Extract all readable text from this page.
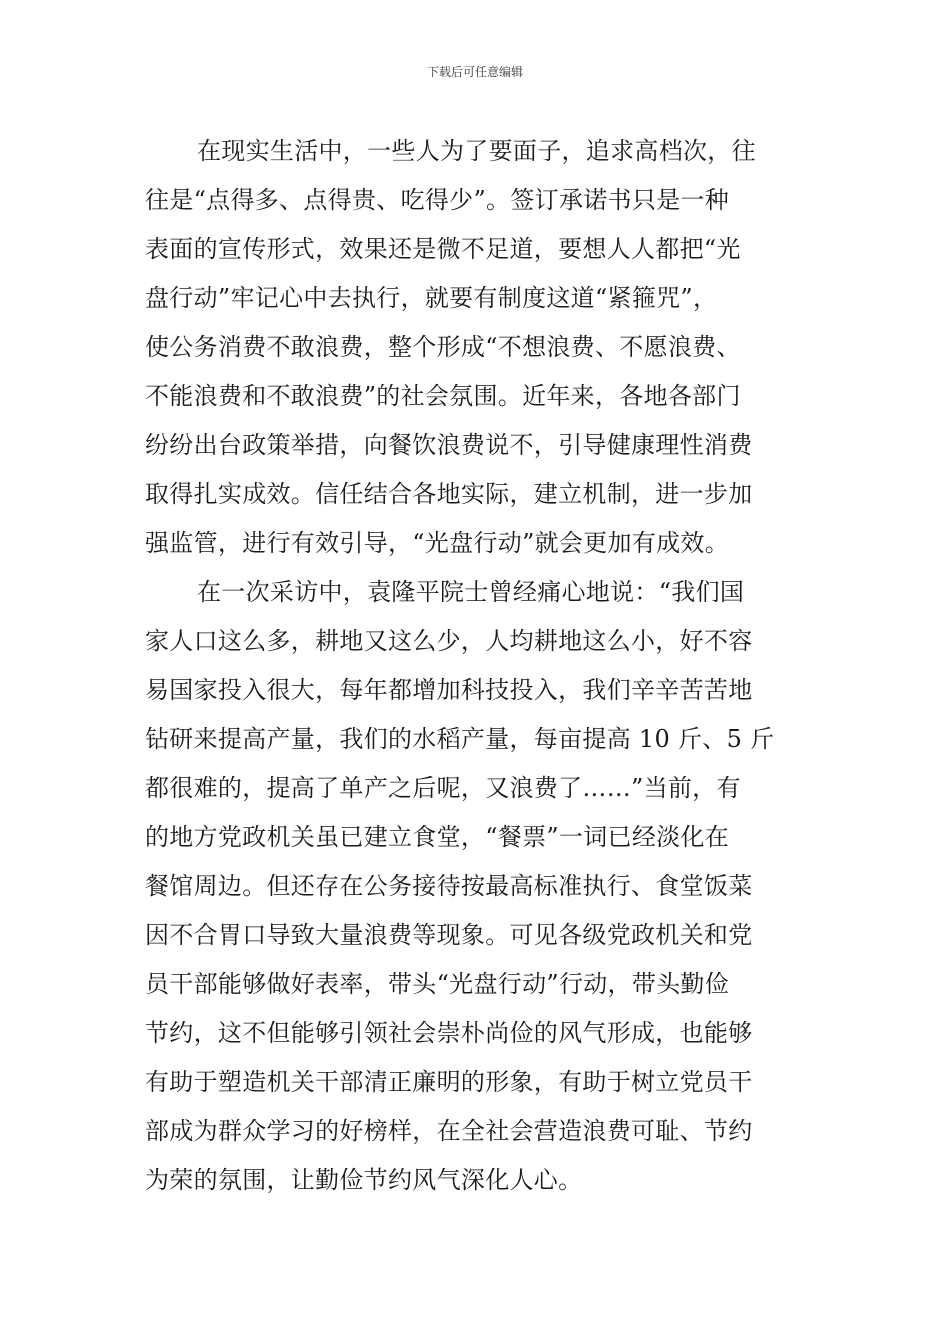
下载后可任意编辑
在现实生活中，一些人为了要面子，追求高档次，往
往是“点得多、点得贵、吃得少”。签订承诺书只是一种
表面的宣传形式，效果还是微不足道，要想人人都把“光
盘行动”牢记心中去执行，就要有制度这道“紧箍咒”，
使公务消费不敢浪费，整个形成“不想浪费、不愿浪费、
不能浪费和不敢浪费”的社会氛围。近年来，各地各部门
纷纷出台政策举措，向餐饮浪费说不，引导健康理性消费
取得扎实成效。信任结合各地实际，建立机制，进一步加
强监管，进行有效引导，“光盘行动”就会更加有成效。
在一次采访中，袁隆平院士曾经痛心地说：“我们国
家人口这么多，耕地又这么少，人均耕地这么小，好不容
易国家投入很大，每年都增加科技投入，我们辛辛苦苦地
钻研来提高产量，我们的水稻产量，每亩提高 10 斤、5 斤
都很难的，提高了单产之后呢，又浪费了……”当前，有
的地方党政机关虽已建立食堂，“餐票”一词已经淡化在
餐馆周边。但还存在公务接待按最高标准执行、食堂饭菜
因不合胃口导致大量浪费等现象。可见各级党政机关和党
员干部能够做好表率，带头“光盘行动”行动，带头勤俭
节约，这不但能够引领社会崇朴尚俭的风气形成，也能够
有助于塑造机关干部清正廉明的形象，有助于树立党员干
部成为群众学习的好榜样，在全社会营造浪费可耻、节约
为荣的氛围，让勤俭节约风气深化人心。
